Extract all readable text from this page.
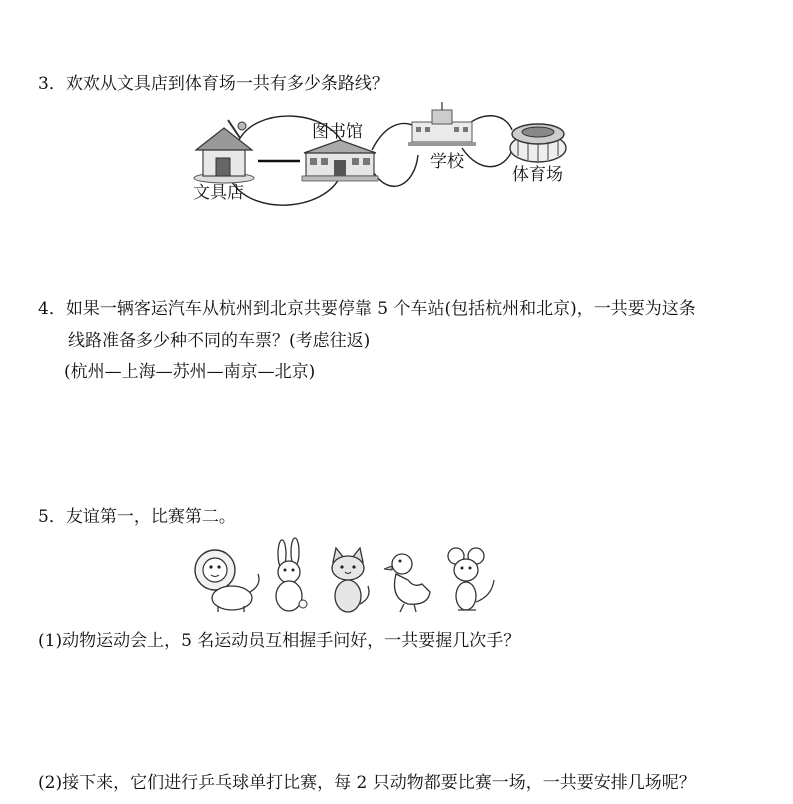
3．欢欢从文具店到体育场一共有多少条路线？
文具店
图书馆
学校
体育场
4．如果一辆客运汽车从杭州到北京共要停靠 5 个车站(包括杭州和北京)，一共要为这条
线路准备多少种不同的车票？(考虑往返)
(杭州—上海—苏州—南京—北京)
5．友谊第一，比赛第二。
(1)动物运动会上，5 名运动员互相握手问好，一共要握几次手？
(2)接下来，它们进行乒乓球单打比赛，每 2 只动物都要比赛一场，一共要安排几场呢？
